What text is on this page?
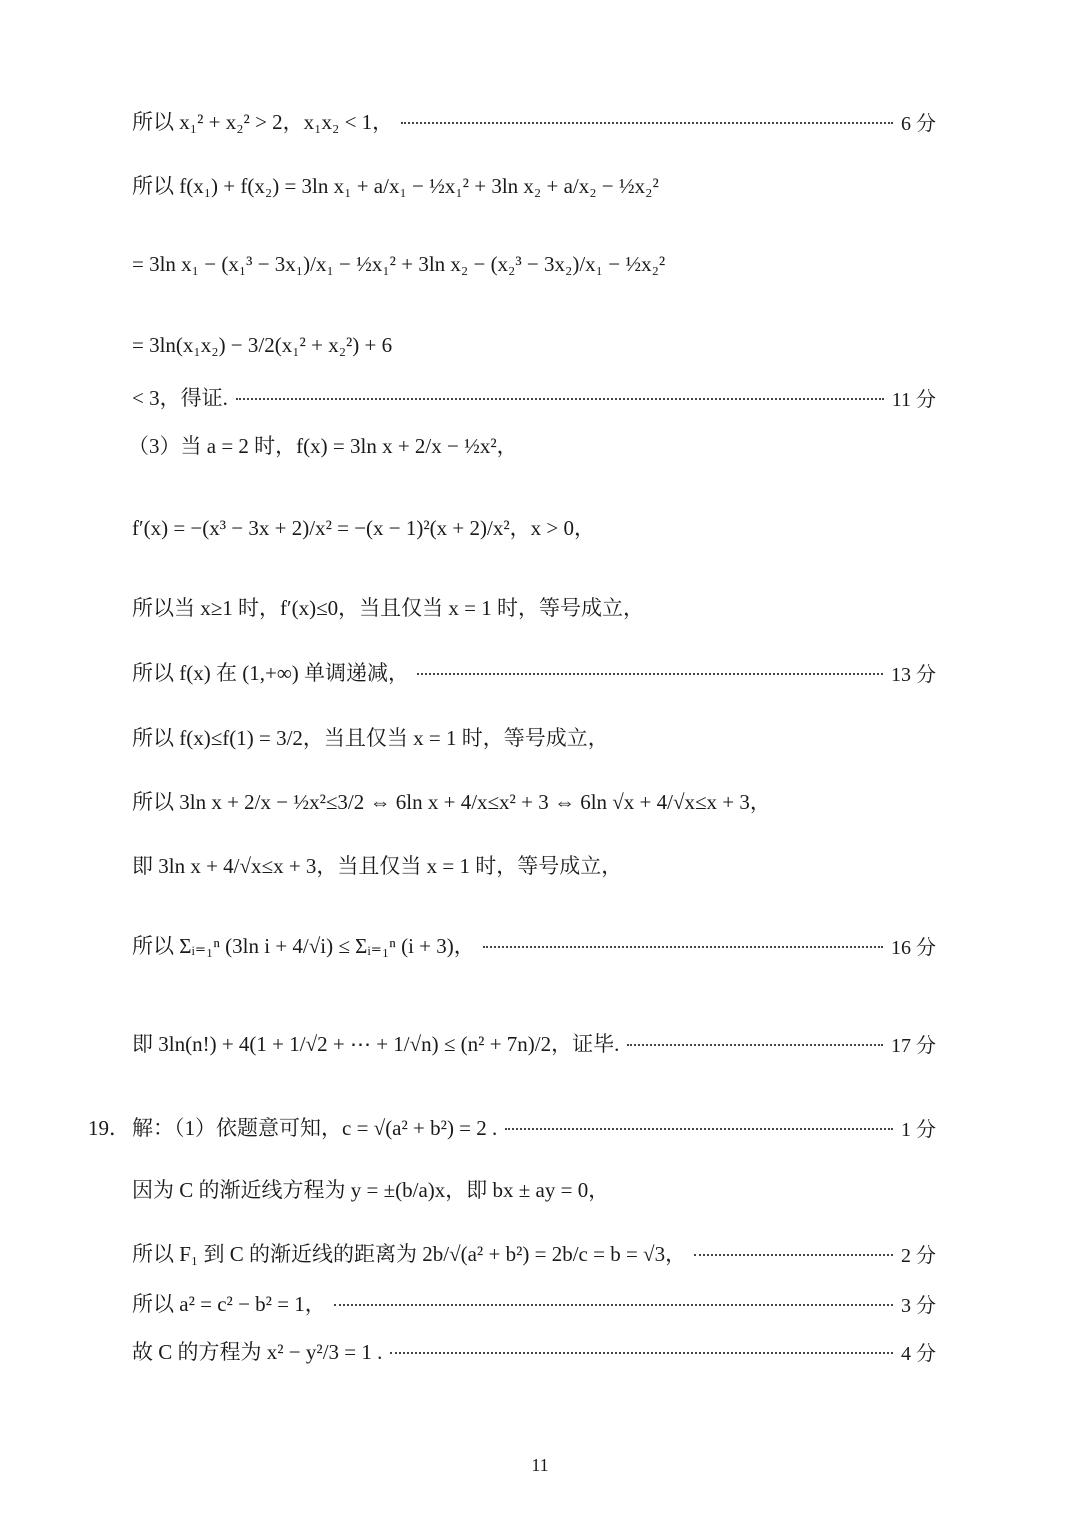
所以 x₁² + x₂² > 2，x₁x₂ < 1，	6 分
所以 f(x₁) + f(x₂) = 3ln x₁ + a/x₁ − ½x₁² + 3ln x₂ + a/x₂ − ½x₂²
= 3ln x₁ − (x₁³ − 3x₁)/x₁ − ½x₁² + 3ln x₂ − (x₂³ − 3x₂)/x₁ − ½x₂²
= 3ln(x₁x₂) − 3/2(x₁² + x₂²) + 6
< 3，得证.	11 分
（3）当 a = 2 时，f(x) = 3ln x + 2/x − ½x²，
f′(x) = −(x³ − 3x + 2)/x² = −(x − 1)²(x + 2)/x²，x > 0，
所以当 x≥1 时，f′(x)≤0，当且仅当 x = 1 时，等号成立，
所以 f(x) 在 (1,+∞) 单调递减，	13 分
所以 f(x)≤f(1) = 3/2，当且仅当 x = 1 时，等号成立，
所以 3ln x + 2/x − ½x²≤3/2 ⇔ 6ln x + 4/x≤x² + 3 ⇔ 6ln √x + 4/√x≤x + 3，
即 3ln x + 4/√x≤x + 3，当且仅当 x = 1 时，等号成立，
所以 Σᵢ₌₁ⁿ (3ln i + 4/√i) ≤ Σᵢ₌₁ⁿ (i + 3)，	16 分
即 3ln(n!) + 4(1 + 1/√2 + ⋯ + 1/√n) ≤ (n² + 7n)/2，证毕.	17 分
19． 解：（1）依题意可知，c = √(a² + b²) = 2 .	1 分
因为 C 的渐近线方程为 y = ±(b/a)x，即 bx ± ay = 0，
所以 F₁ 到 C 的渐近线的距离为 2b/√(a² + b²) = 2b/c = b = √3，	2 分
所以 a² = c² − b² = 1，	3 分
故 C 的方程为 x² − y²/3 = 1 .	4 分
11
